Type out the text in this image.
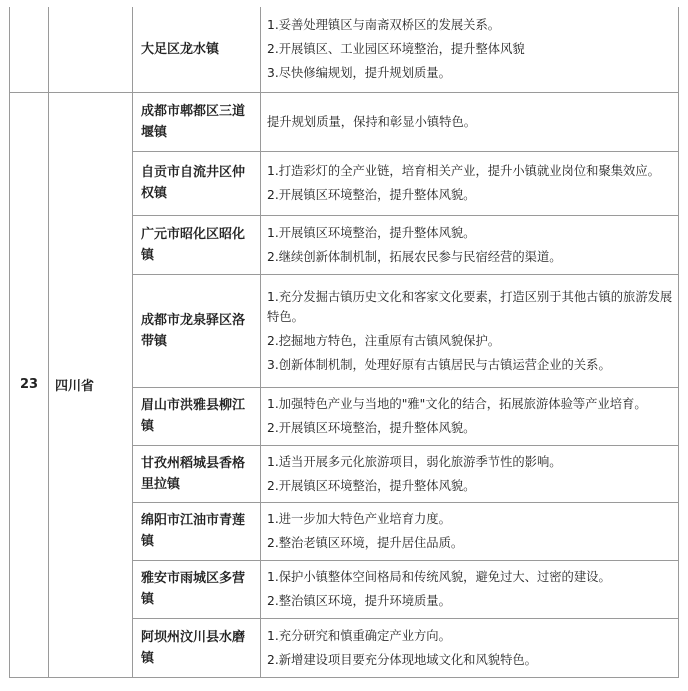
		大足区龙水镇	1.妥善处理镇区与南斋双桥区的发展关系。
2.开展镇区、工业园区环境整治，提升整体风貌
3.尽快修编规划，提升规划质量。

23	四川省	成都市郫都区三道堰镇	提升规划质量，保持和彰显小镇特色。

		自贡市自流井区仲权镇	1.打造彩灯的全产业链，培育相关产业，提升小镇就业岗位和聚集效应。
2.开展镇区环境整治，提升整体风貌。

		广元市昭化区昭化镇	1.开展镇区环境整治，提升整体风貌。
2.继续创新体制机制，拓展农民参与民宿经营的渠道。

		成都市龙泉驿区洛带镇	1.充分发掘古镇历史文化和客家文化要素，打造区别于其他古镇的旅游发展特色。
2.挖掘地方特色，注重原有古镇风貌保护。
3.创新体制机制，处理好原有古镇居民与古镇运营企业的关系。

		眉山市洪雅县柳江镇	1.加强特色产业与当地的"雅"文化的结合，拓展旅游体验等产业培育。
2.开展镇区环境整治，提升整体风貌。

		甘孜州稻城县香格里拉镇	1.适当开展多元化旅游项目，弱化旅游季节性的影响。
2.开展镇区环境整治，提升整体风貌。

		绵阳市江油市青莲镇	1.进一步加大特色产业培育力度。
2.整治老镇区环境，提升居住品质。

		雅安市雨城区多营镇	1.保护小镇整体空间格局和传统风貌，避免过大、过密的建设。
2.整治镇区环境，提升环境质量。

		阿坝州汶川县水磨镇	1.充分研究和慎重确定产业方向。
2.新增建设项目要充分体现地域文化和风貌特色。
